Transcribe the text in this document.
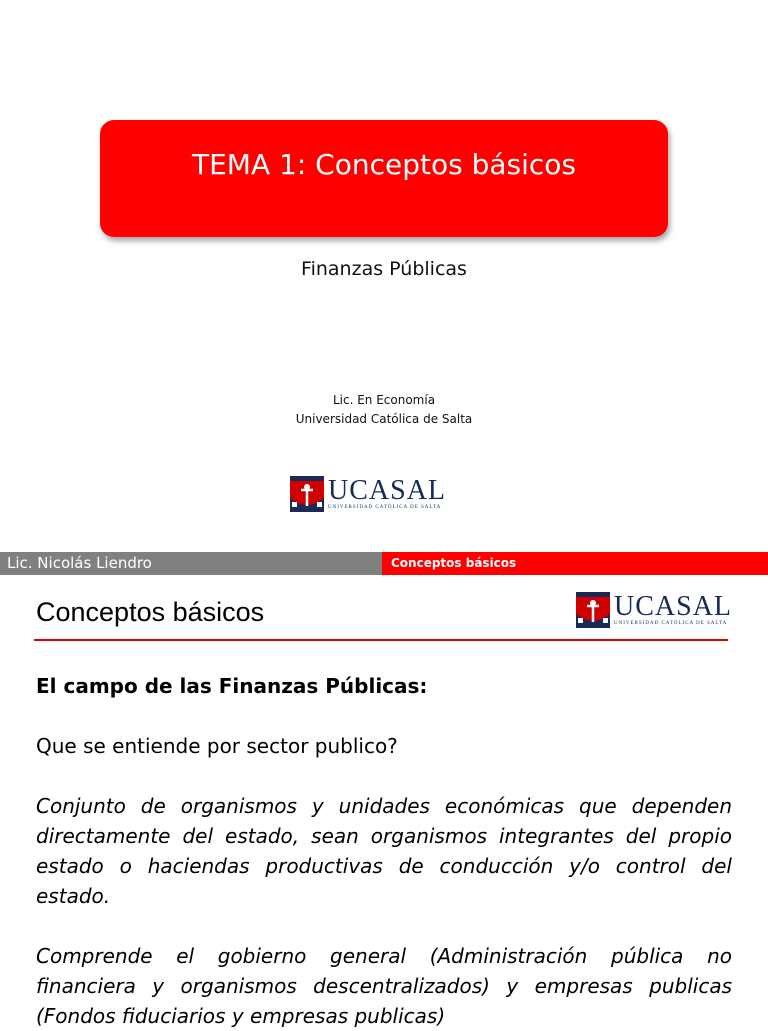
TEMA 1: Conceptos básicos
Finanzas Públicas
Lic. En Economía
Universidad Católica de Salta
UCASAL
UNIVERSIDAD CATÓLICA DE SALTA
Lic. Nicolás Liendro	Conceptos básicos
Conceptos básicos	UCASAL
UNIVERSIDAD CATÓLICA DE SALTA

El campo de las Finanzas Públicas:

Que se entiende por sector publico?

Conjunto de organismos y unidades económicas que dependen directamente del estado, sean organismos integrantes del propio estado o haciendas productivas de conducción y/o control del estado.

Comprende el gobierno general (Administración pública no financiera y organismos descentralizados) y empresas publicas (Fondos fiduciarios y empresas publicas)
